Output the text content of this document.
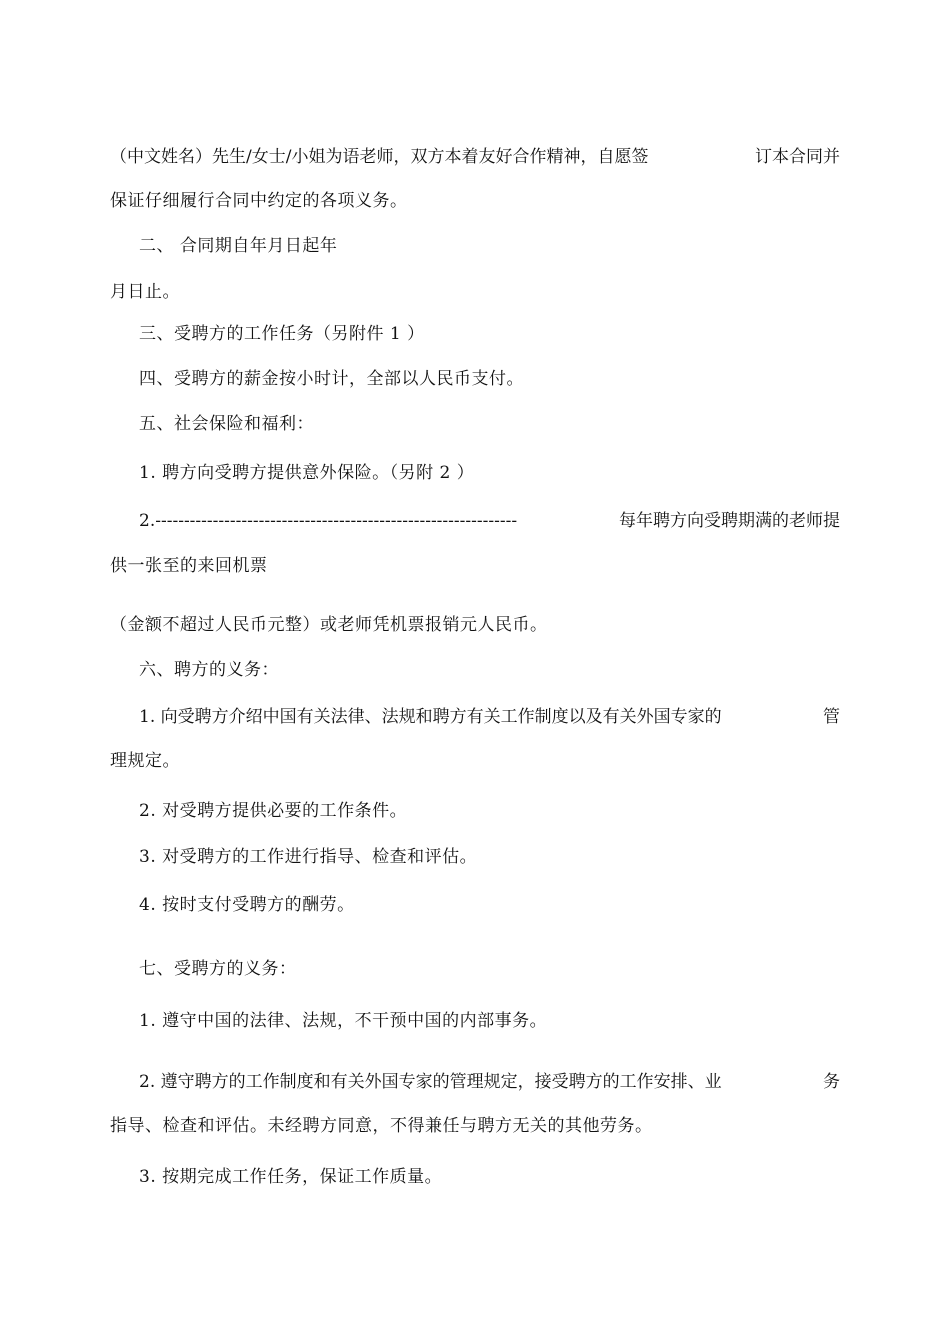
（中文姓名）先生/女士/小姐为语老师，双方本着友好合作精神，自愿签	订本合同并
保证仔细履行合同中约定的各项义务。
二、 合同期自年月日起年
月日止。
三、受聘方的工作任务（另附件 1 ）
四、受聘方的薪金按小时计，全部以人民币支付。
五、社会保险和福利：
1. 聘方向受聘方提供意外保险。（另附 2 ）
2.---------------------------------------------------------------	每年聘方向受聘期满的老师提
供一张至的来回机票
（金额不超过人民币元整）或老师凭机票报销元人民币。
六、聘方的义务：
1. 向受聘方介绍中国有关法律、法规和聘方有关工作制度以及有关外国专家的	管
理规定。
2. 对受聘方提供必要的工作条件。
3. 对受聘方的工作进行指导、检查和评估。
4. 按时支付受聘方的酬劳。
七、受聘方的义务：
1. 遵守中国的法律、法规，不干预中国的内部事务。
2. 遵守聘方的工作制度和有关外国专家的管理规定，接受聘方的工作安排、业	务
指导、检查和评估。未经聘方同意，不得兼任与聘方无关的其他劳务。
3. 按期完成工作任务，保证工作质量。
